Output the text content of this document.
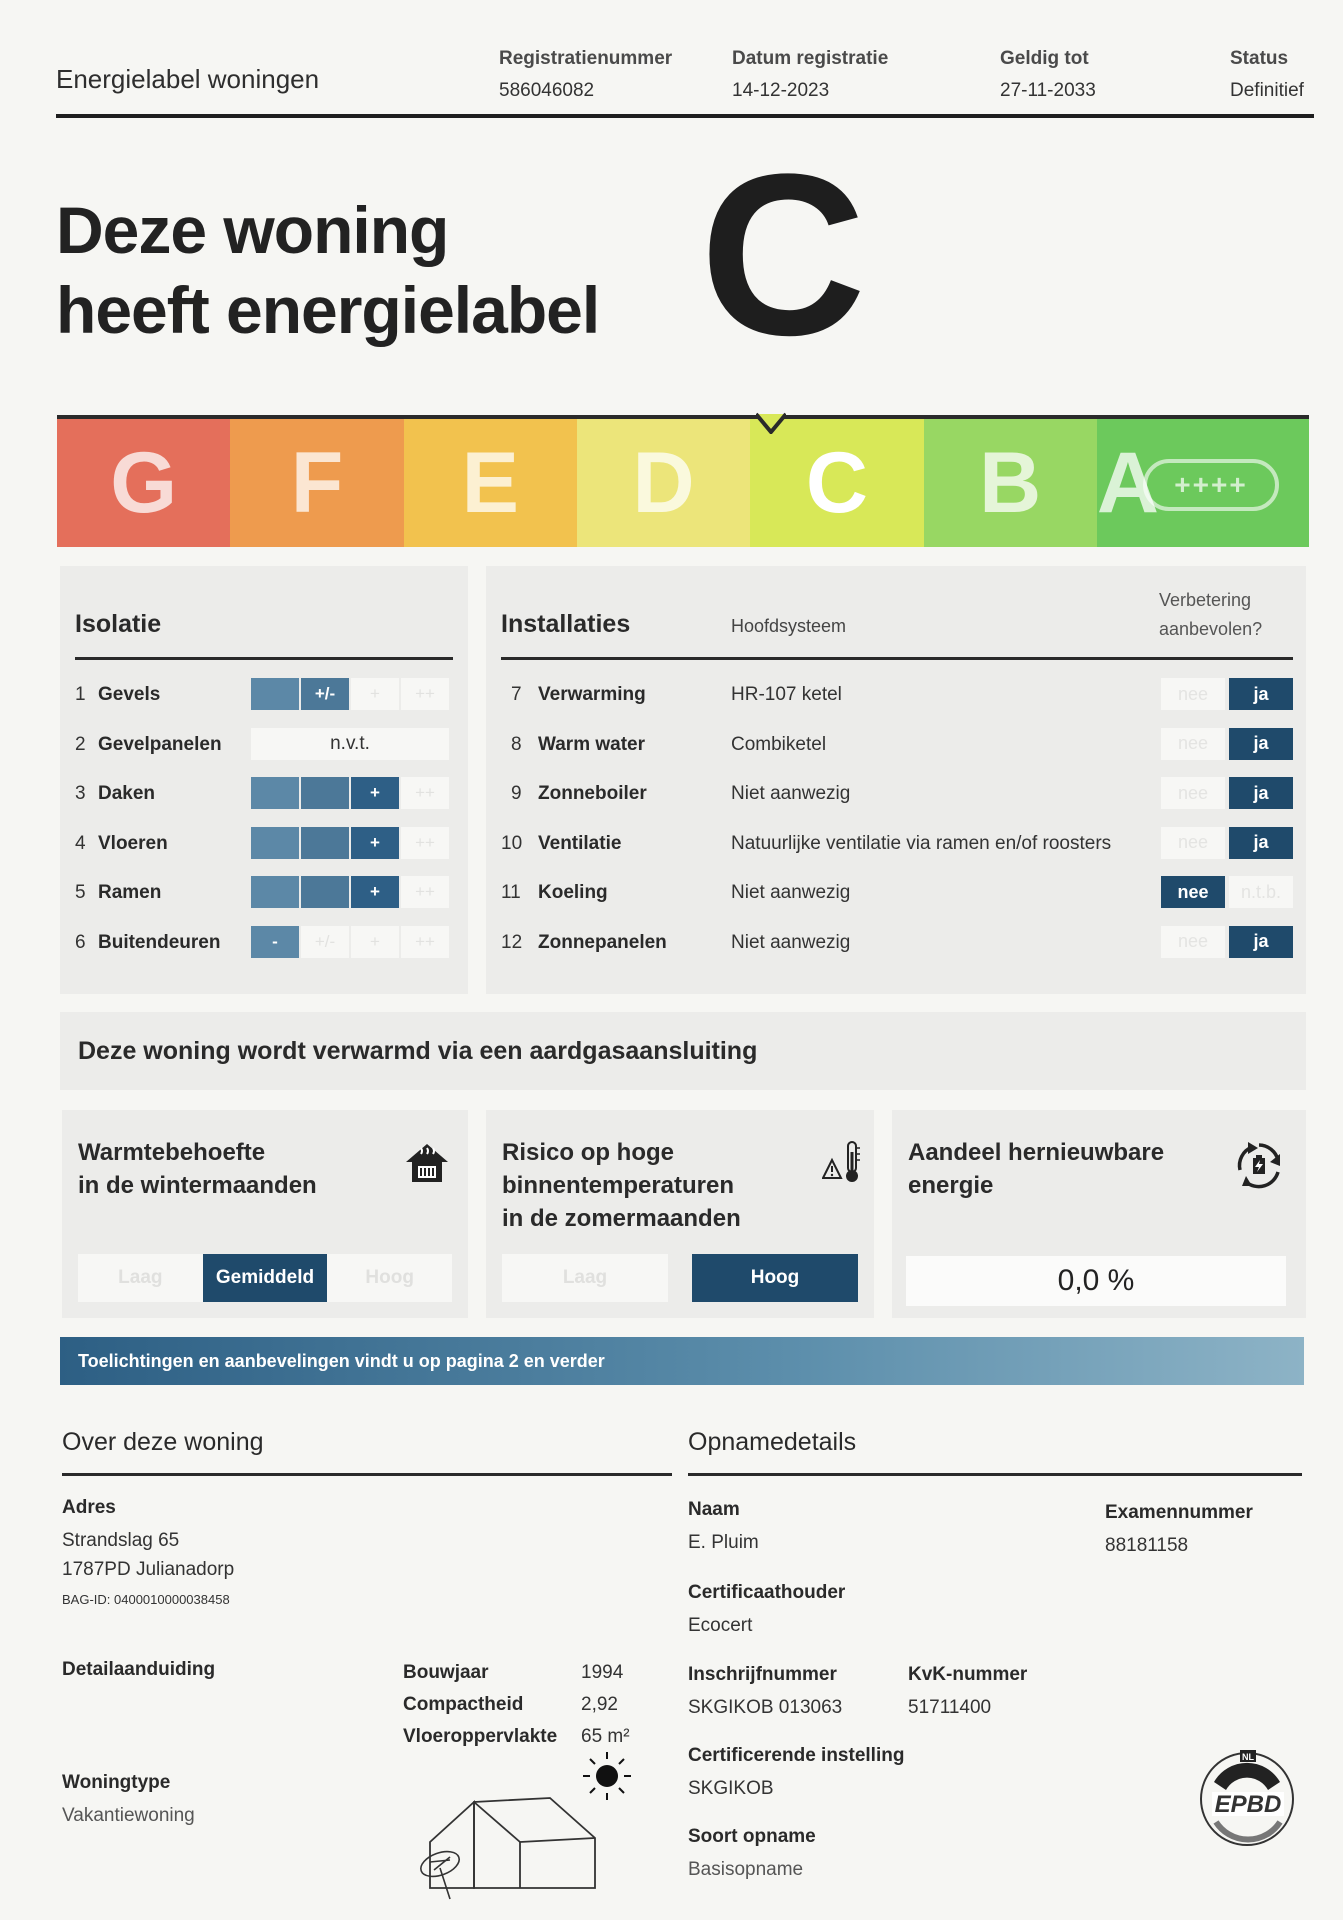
Energielabel woningen
Registratienummer
586046082
Datum registratie
14-12-2023
Geldig tot
27-11-2033
Status
Definitief
Deze woning
heeft energielabel C
G F E D C B A ++++
Isolatie
1 Gevels	+/-	+	++
2 Gevelpanelen	n.v.t.
3 Daken	+	++
4 Vloeren	+	++
5 Ramen	+	++
6 Buitendeuren	-	+/-	+	++
Installaties	Hoofdsysteem
Verbetering
aanbevolen?
7 Verwarming	HR-107 ketel	nee	ja
8 Warm water	Combiketel	nee	ja
9 Zonneboiler	Niet aanwezig	nee	ja
10 Ventilatie	Natuurlijke ventilatie via ramen en/of roosters	nee	ja
11 Koeling	Niet aanwezig	nee	n.t.b.
12 Zonnepanelen	Niet aanwezig	nee	ja
Deze woning wordt verwarmd via een aardgasaansluiting
Warmtebehoefte
in de wintermaanden
Laag	Gemiddeld	Hoog
Risico op hoge
binnentemperaturen
in de zomermaanden
Laag	Hoog
Aandeel hernieuwbare
energie
0,0 %
Toelichtingen en aanbevelingen vindt u op pagina 2 en verder
Over deze woning
Adres
Strandslag 65
1787PD Julianadorp
BAG-ID: 0400010000038458
Detailaanduiding	Bouwjaar	1994
Compactheid	2,92
Vloeroppervlakte 65 m²
Woningtype
Vakantiewoning
Opnamedetails
Naam
E. Pluim
Examennummer
88181158
Certificaathouder
Ecocert
Inschrijfnummer
SKGIKOB 013063
KvK-nummer
51711400
Certificerende instelling
SKGIKOB
Soort opname
Basisopname
NL
EPBD
